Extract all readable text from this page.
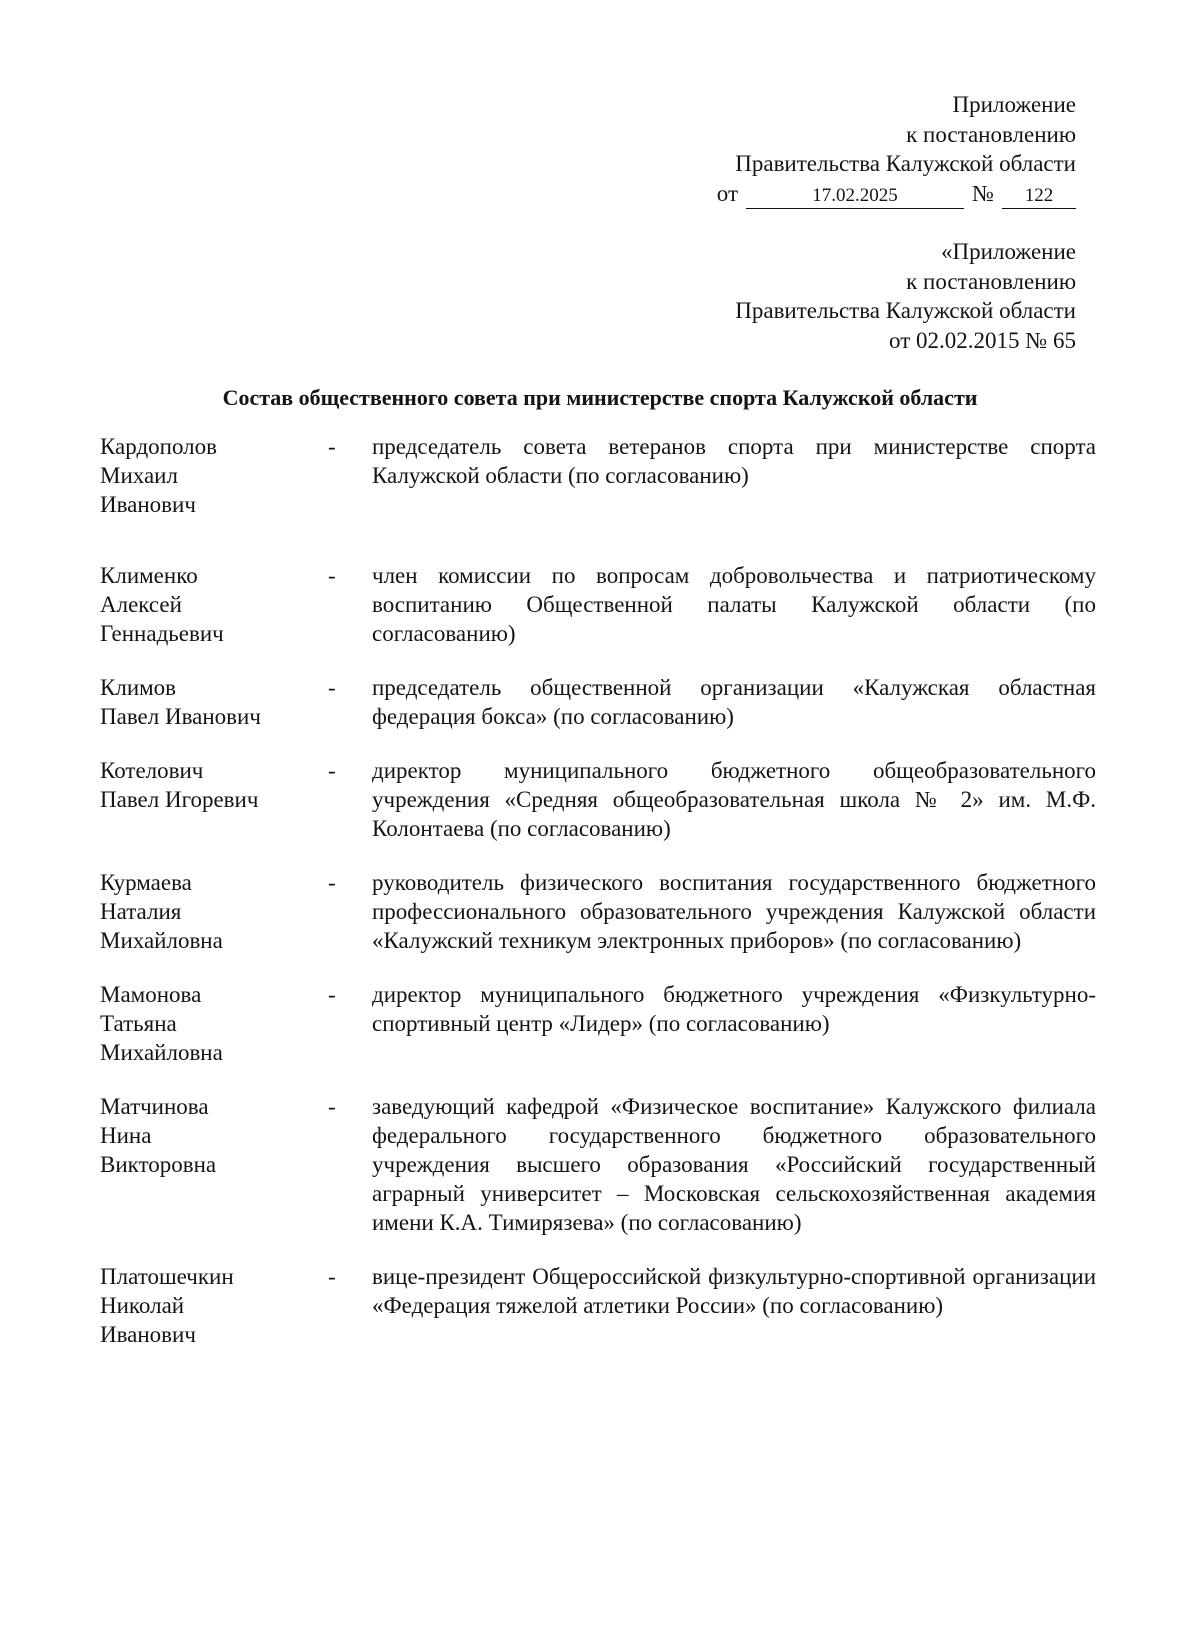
Приложение
к постановлению
Правительства Калужской области
от	17.02.2025	№ 122
«Приложение
к постановлению
Правительства Калужской области
от 02.02.2015 № 65
Состав общественного совета при министерстве спорта Калужской области
Кардополов
Михаил
Иванович
-	председатель совета ветеранов спорта при министерстве спорта Калужской области (по согласованию)
Клименко
Алексей
Геннадьевич
-	член комиссии по вопросам добровольчества и патриотическому воспитанию Общественной палаты Калужской области (по согласованию)
Климов
Павел Иванович
-	председатель общественной организации «Калужская областная федерация бокса» (по согласованию)
Котелович
Павел Игоревич
-	директор муниципального бюджетного общеобразовательного учреждения «Средняя общеобразовательная школа № 2» им. М.Ф. Колонтаева (по согласованию)
Курмаева
Наталия
Михайловна
-	руководитель физического воспитания государственного бюджетного профессионального образовательного учреждения Калужской области «Калужский техникум электронных приборов» (по согласованию)
Мамонова
Татьяна
Михайловна
-	директор муниципального бюджетного учреждения «Физкультурно-спортивный центр «Лидер» (по согласованию)
Матчинова
Нина
Викторовна
-	заведующий кафедрой «Физическое воспитание» Калужского филиала федерального государственного бюджетного образовательного учреждения высшего образования «Российский государственный аграрный университет – Московская сельскохозяйственная академия имени К.А. Тимирязева» (по согласованию)
Платошечкин
Николай
Иванович
-	вице-президент Общероссийской физкультурно-спортивной организации «Федерация тяжелой атлетики России» (по согласованию)
